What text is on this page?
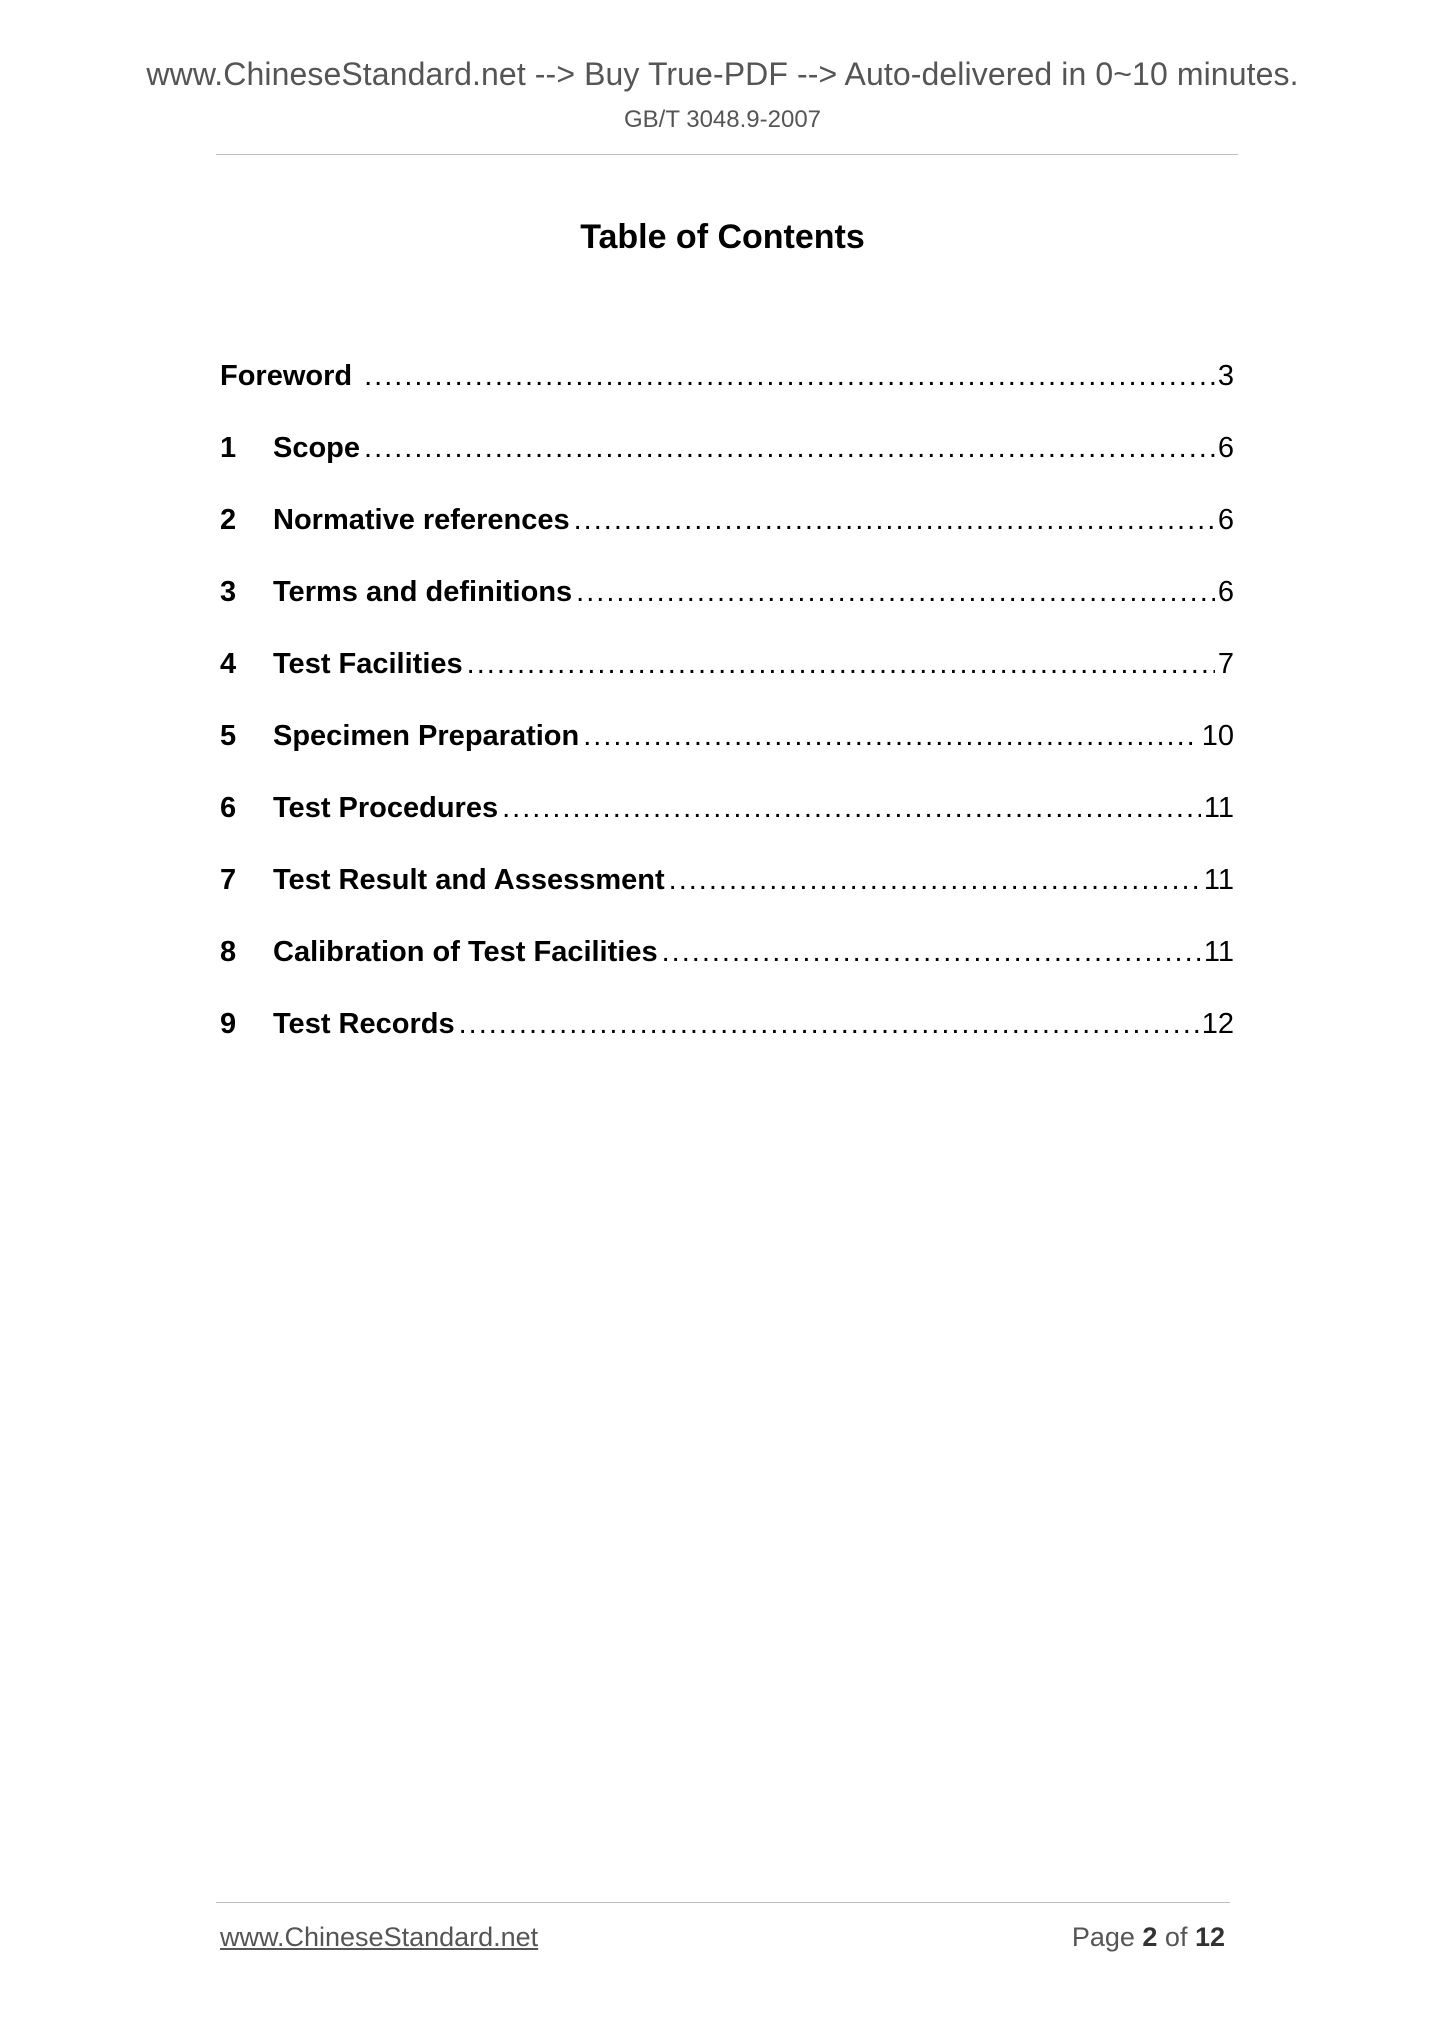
www.ChineseStandard.net --> Buy True-PDF --> Auto-delivered in 0~10 minutes.
GB/T 3048.9-2007
Table of Contents
Foreword .....	3
1	Scope .....	6
2	Normative references .....	6
3	Terms and definitions .....	6
4	Test Facilities .....	7
5	Specimen Preparation .....	10
6	Test Procedures .....	11
7	Test Result and Assessment .....	11
8	Calibration of Test Facilities .....	11
9	Test Records .....	12
www.ChineseStandard.net	Page 2 of 12
